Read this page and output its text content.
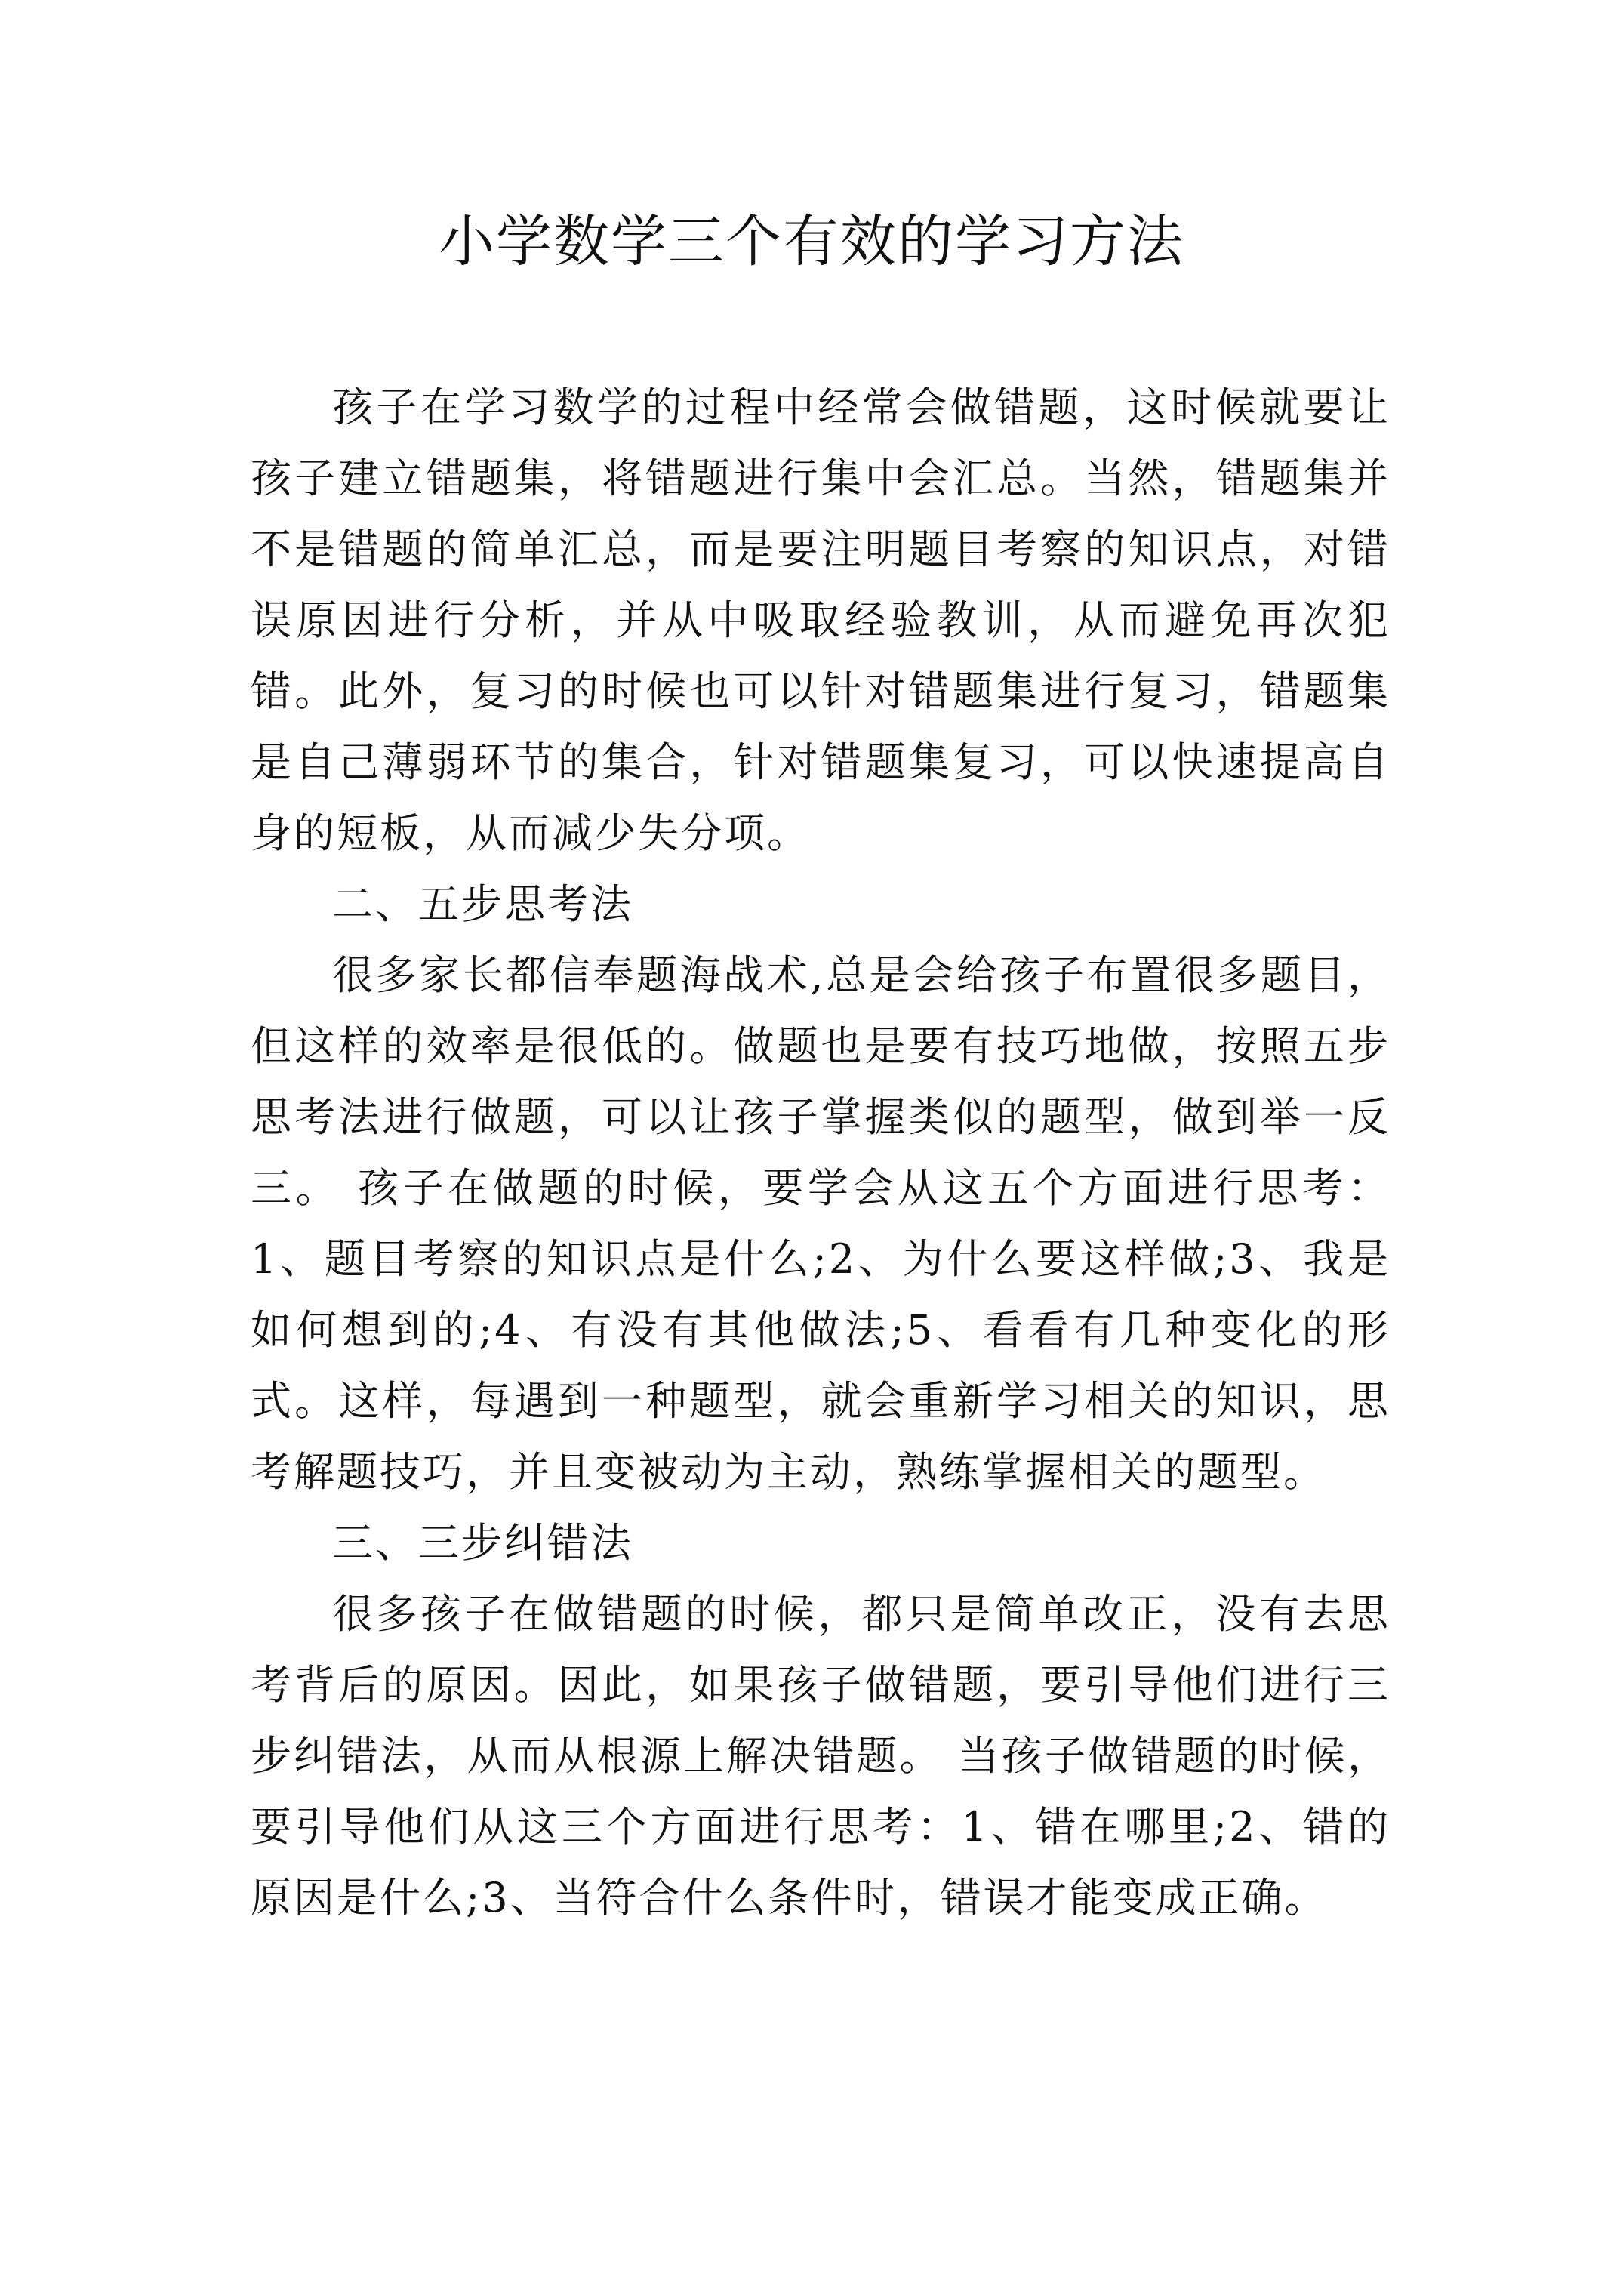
小学数学三个有效的学习方法

孩子在学习数学的过程中经常会做错题，这时候就要让孩子建立错题集，将错题进行集中会汇总。当然，错题集并不是错题的简单汇总，而是要注明题目考察的知识点，对错误原因进行分析，并从中吸取经验教训，从而避免再次犯错。此外，复习的时候也可以针对错题集进行复习，错题集是自己薄弱环节的集合，针对错题集复习，可以快速提高自身的短板，从而减少失分项。

二、五步思考法

很多家长都信奉题海战术,总是会给孩子布置很多题目，但这样的效率是很低的。做题也是要有技巧地做，按照五步思考法进行做题，可以让孩子掌握类似的题型，做到举一反三。 孩子在做题的时候，要学会从这五个方面进行思考：1、题目考察的知识点是什么;2、为什么要这样做;3、我是如何想到的;4、有没有其他做法;5、看看有几种变化的形式。这样，每遇到一种题型，就会重新学习相关的知识，思考解题技巧，并且变被动为主动，熟练掌握相关的题型。

三、三步纠错法

很多孩子在做错题的时候，都只是简单改正，没有去思考背后的原因。因此，如果孩子做错题，要引导他们进行三步纠错法，从而从根源上解决错题。 当孩子做错题的时候，要引导他们从这三个方面进行思考：1、错在哪里;2、错的原因是什么;3、当符合什么条件时，错误才能变成正确。
